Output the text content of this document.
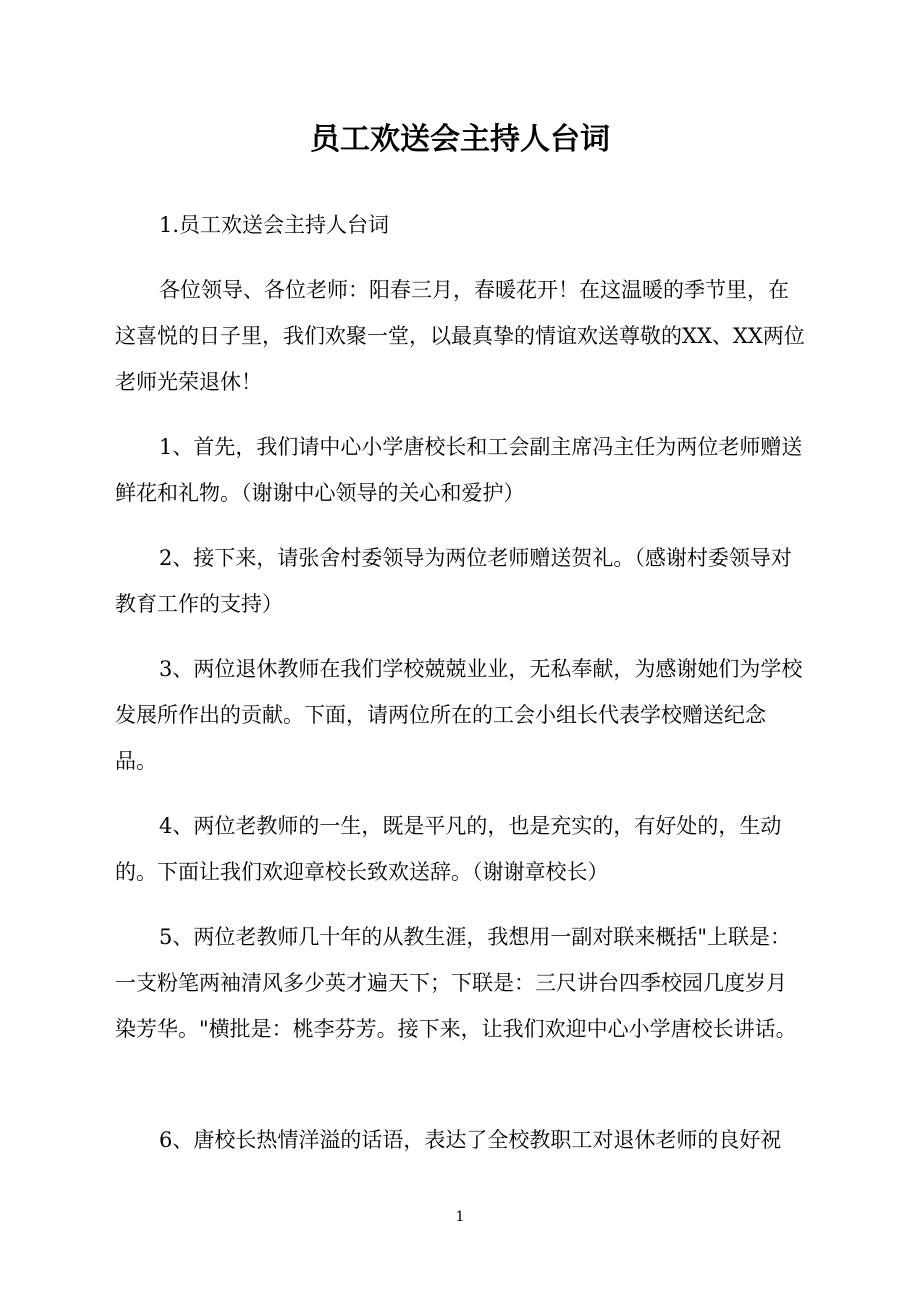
员工欢送会主持人台词

1.员工欢送会主持人台词

各位领导、各位老师：阳春三月，春暖花开！在这温暖的季节里，在这喜悦的日子里，我们欢聚一堂，以最真挚的情谊欢送尊敬的XX、XX两位老师光荣退休！

1、首先，我们请中心小学唐校长和工会副主席冯主任为两位老师赠送鲜花和礼物。（谢谢中心领导的关心和爱护）

2、接下来，请张舍村委领导为两位老师赠送贺礼。（感谢村委领导对教育工作的支持）

3、两位退休教师在我们学校兢兢业业，无私奉献，为感谢她们为学校发展所作出的贡献。下面，请两位所在的工会小组长代表学校赠送纪念品。

4、两位老教师的一生，既是平凡的，也是充实的，有好处的，生动的。下面让我们欢迎章校长致欢送辞。（谢谢章校长）

5、两位老教师几十年的从教生涯，我想用一副对联来概括"上联是：一支粉笔两袖清风多少英才遍天下；下联是：三尺讲台四季校园几度岁月染芳华。"横批是：桃李芬芳。接下来，让我们欢迎中心小学唐校长讲话。

6、唐校长热情洋溢的话语，表达了全校教职工对退休老师的良好祝

1
